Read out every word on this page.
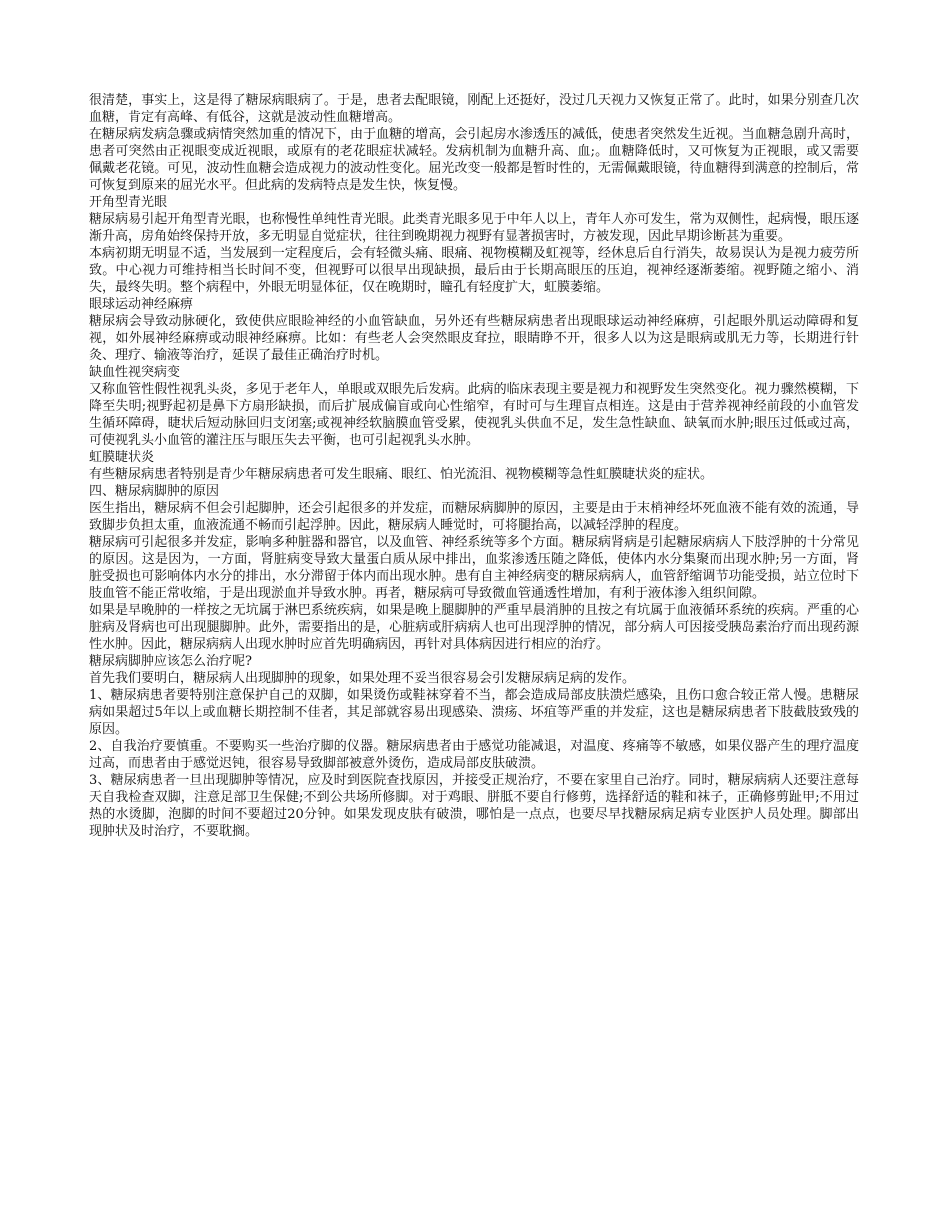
很清楚，事实上，这是得了糖尿病眼病了。于是，患者去配眼镜，刚配上还挺好，没过几天视力又恢复正常了。此时，如果分别查几次血糖，肯定有高峰、有低谷，这就是波动性血糖增高。

在糖尿病发病急骤或病情突然加重的情况下，由于血糖的增高，会引起房水渗透压的减低，使患者突然发生近视。当血糖急剧升高时，患者可突然由正视眼变成近视眼，或原有的老花眼症状减轻。发病机制为血糖升高、血;。血糖降低时，又可恢复为正视眼，或又需要佩戴老花镜。可见，波动性血糖会造成视力的波动性变化。屈光改变一般都是暂时性的，无需佩戴眼镜，待血糖得到满意的控制后，常可恢复到原来的屈光水平。但此病的发病特点是发生快，恢复慢。

开角型青光眼

糖尿病易引起开角型青光眼，也称慢性单纯性青光眼。此类青光眼多见于中年人以上，青年人亦可发生，常为双侧性，起病慢，眼压逐渐升高，房角始终保持开放，多无明显自觉症状，往往到晚期视力视野有显著损害时，方被发现，因此早期诊断甚为重要。

本病初期无明显不适，当发展到一定程度后，会有轻微头痛、眼痛、视物模糊及虹视等，经休息后自行消失，故易误认为是视力疲劳所致。中心视力可维持相当长时间不变，但视野可以很早出现缺损，最后由于长期高眼压的压迫，视神经逐渐萎缩。视野随之缩小、消失，最终失明。整个病程中，外眼无明显体征，仅在晚期时，瞳孔有轻度扩大，虹膜萎缩。

眼球运动神经麻痹

糖尿病会导致动脉硬化，致使供应眼睑神经的小血管缺血，另外还有些糖尿病患者出现眼球运动神经麻痹，引起眼外肌运动障碍和复视，如外展神经麻痹或动眼神经麻痹。比如：有些老人会突然眼皮耷拉，眼睛睁不开，很多人以为这是眼病或肌无力等，长期进行针灸、理疗、输液等治疗，延误了最佳正确治疗时机。

缺血性视突病变

又称血管性假性视乳头炎，多见于老年人，单眼或双眼先后发病。此病的临床表现主要是视力和视野发生突然变化。视力骤然模糊，下降至失明;视野起初是鼻下方扇形缺损，而后扩展成偏盲或向心性缩窄，有时可与生理盲点相连。这是由于营养视神经前段的小血管发生循环障碍，睫状后短动脉回归支闭塞;或视神经软脑膜血管受累，使视乳头供血不足，发生急性缺血、缺氧而水肿;眼压过低或过高，可使视乳头小血管的灌注压与眼压失去平衡，也可引起视乳头水肿。

虹膜睫状炎

有些糖尿病患者特别是青少年糖尿病患者可发生眼痛、眼红、怕光流泪、视物模糊等急性虹膜睫状炎的症状。

四、糖尿病脚肿的原因

医生指出，糖尿病不但会引起脚肿，还会引起很多的并发症，而糖尿病脚肿的原因，主要是由于末梢神经坏死血液不能有效的流通，导致脚步负担太重，血液流通不畅而引起浮肿。因此，糖尿病人睡觉时，可将腿抬高，以减轻浮肿的程度。

糖尿病可引起很多并发症，影响多种脏器和器官，以及血管、神经系统等多个方面。糖尿病肾病是引起糖尿病病人下肢浮肿的十分常见的原因。这是因为，一方面，肾脏病变导致大量蛋白质从尿中排出，血浆渗透压随之降低，使体内水分集聚而出现水肿;另一方面，肾脏受损也可影响体内水分的排出，水分滞留于体内而出现水肿。患有自主神经病变的糖尿病病人，血管舒缩调节功能受损，站立位时下肢血管不能正常收缩，于是出现淤血并导致水肿。再者，糖尿病可导致微血管通透性增加，有利于液体渗入组织间隙。

如果是早晚肿的一样按之无坑属于淋巴系统疾病，如果是晚上腿脚肿的严重早晨消肿的且按之有坑属于血液循环系统的疾病。严重的心脏病及肾病也可出现腿脚肿。此外，需要指出的是，心脏病或肝病病人也可出现浮肿的情况，部分病人可因接受胰岛素治疗而出现药源性水肿。因此，糖尿病病人出现水肿时应首先明确病因，再针对具体病因进行相应的治疗。

糖尿病脚肿应该怎么治疗呢?

首先我们要明白，糖尿病人出现脚肿的现象，如果处理不妥当很容易会引发糖尿病足病的发作。

1、糖尿病患者要特别注意保护自己的双脚，如果烫伤或鞋袜穿着不当，都会造成局部皮肤溃烂感染，且伤口愈合较正常人慢。患糖尿病如果超过5年以上或血糖长期控制不佳者，其足部就容易出现感染、溃疡、坏疽等严重的并发症，这也是糖尿病患者下肢截肢致残的原因。

2、自我治疗要慎重。不要购买一些治疗脚的仪器。糖尿病患者由于感觉功能减退，对温度、疼痛等不敏感，如果仪器产生的理疗温度过高，而患者由于感觉迟钝，很容易导致脚部被意外烫伤，造成局部皮肤破溃。

3、糖尿病患者一旦出现脚肿等情况，应及时到医院查找原因，并接受正规治疗，不要在家里自己治疗。同时，糖尿病病人还要注意每天自我检查双脚，注意足部卫生保健;不到公共场所修脚。对于鸡眼、胼胝不要自行修剪，选择舒适的鞋和袜子，正确修剪趾甲;不用过热的水烫脚，泡脚的时间不要超过20分钟。如果发现皮肤有破溃，哪怕是一点点，也要尽早找糖尿病足病专业医护人员处理。脚部出现肿状及时治疗，不要耽搁。
